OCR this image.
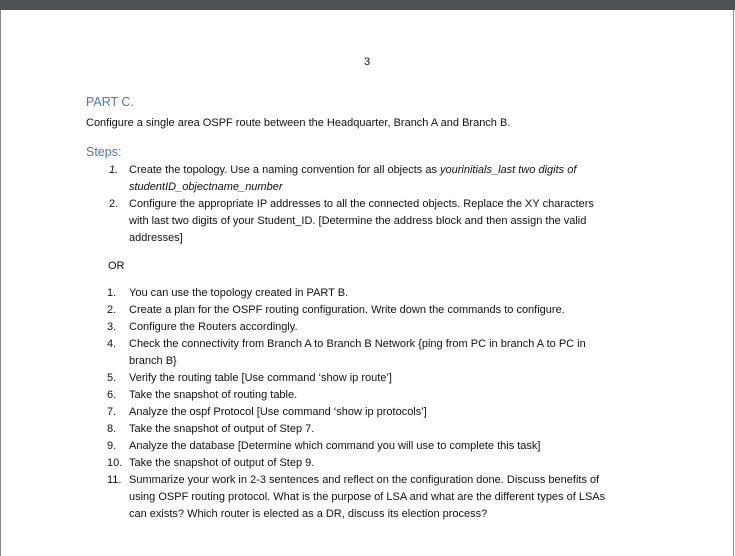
3
PART C.
Configure a single area OSPF route between the Headquarter, Branch A and Branch B.
Steps:
1. Create the topology. Use a naming convention for all objects as yourinitials_last two digits of
studentID_objectname_number
2. Configure the appropriate IP addresses to all the connected objects. Replace the XY characters
with last two digits of your Student_ID. [Determine the address block and then assign the valid
addresses]
OR
1. You can use the topology created in PART B.
2. Create a plan for the OSPF routing configuration. Write down the commands to configure.
3. Configure the Routers accordingly.
4. Check the connectivity from Branch A to Branch B Network {ping from PC in branch A to PC in
branch B}
5. Verify the routing table [Use command ‘show ip route’]
6. Take the snapshot of routing table.
7. Analyze the ospf Protocol [Use command ‘show ip protocols’]
8. Take the snapshot of output of Step 7.
9. Analyze the database [Determine which command you will use to complete this task]
10. Take the snapshot of output of Step 9.
11. Summarize your work in 2-3 sentences and reflect on the configuration done. Discuss benefits of
using OSPF routing protocol. What is the purpose of LSA and what are the different types of LSAs
can exists? Which router is elected as a DR, discuss its election process?
